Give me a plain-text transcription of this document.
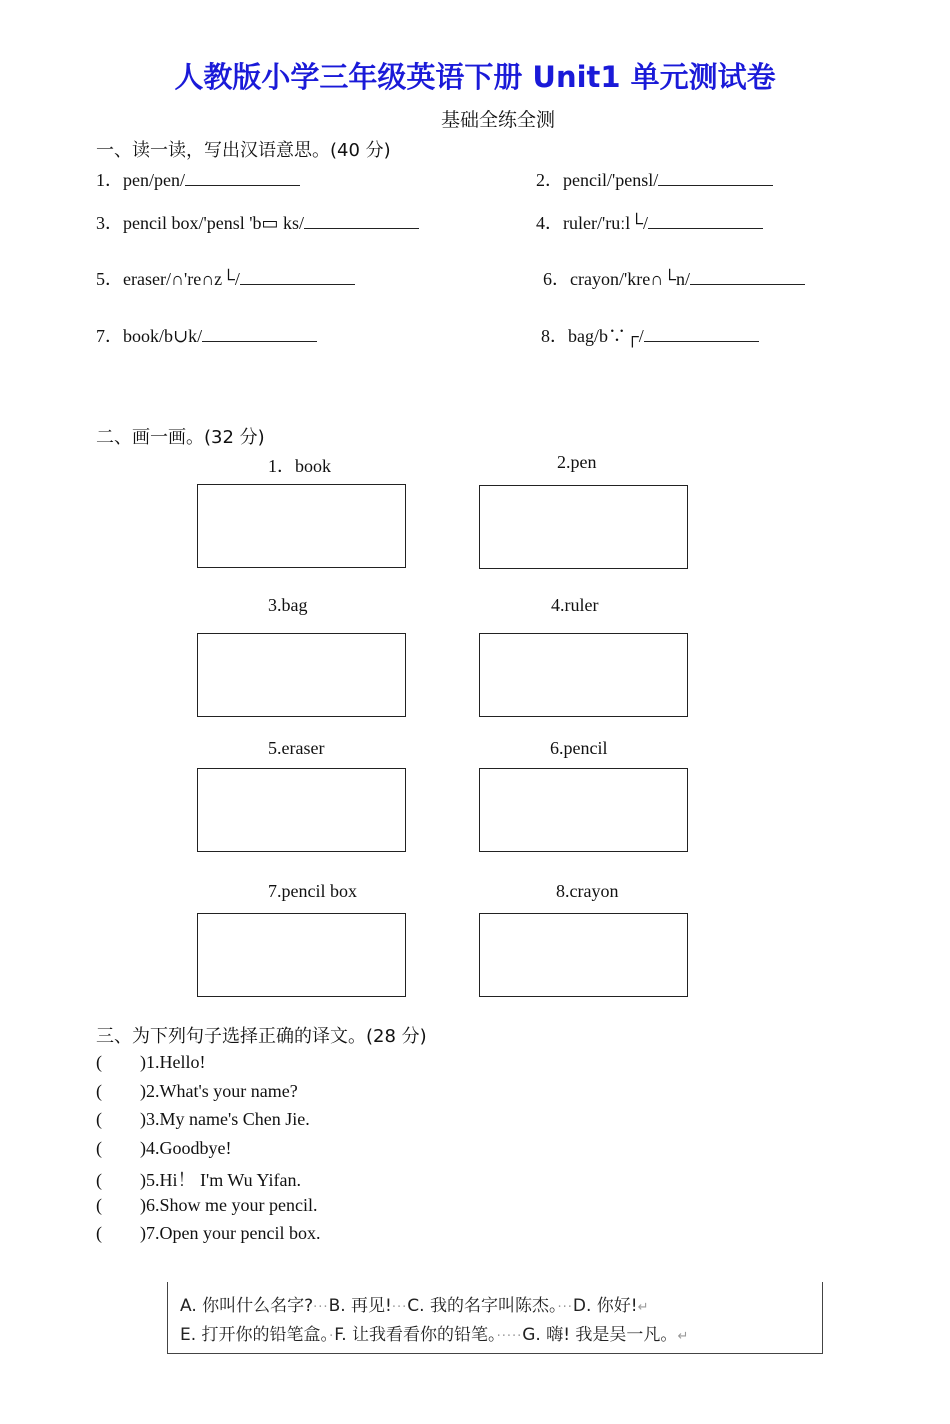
人教版小学三年级英语下册 Unit1 单元测试卷
基础全练全测
一、读一读，写出汉语意思。(40 分)
1．pen/pen/	2．pencil/'pensl/
3．pencil box/'pensl 'b▭ ks/	4．ruler/'ruːl└/
5．eraser/∩'re∩z└/	6．crayon/'kre∩└n/
7．book/b∪k/	8．bag/b∵┌/
二、画一画。(32 分)
1．book	2.pen
3.bag	4.ruler
5.eraser	6.pencil
7.pencil box	8.crayon
三、为下列句子选择正确的译文。(28 分)
( )1.Hello!
( )2.What's your name?
( )3.My name's Chen Jie.
( )4.Goodbye!
( )5.Hi！ I'm Wu Yifan.
( )6.Show me your pencil.
( )7.Open your pencil box.
A. 你叫什么名字?···B. 再见!···C. 我的名字叫陈杰。···D. 你好!↵
E. 打开你的铅笔盒。·F. 让我看看你的铅笔。·····G. 嗨! 我是吴一凡。↵
